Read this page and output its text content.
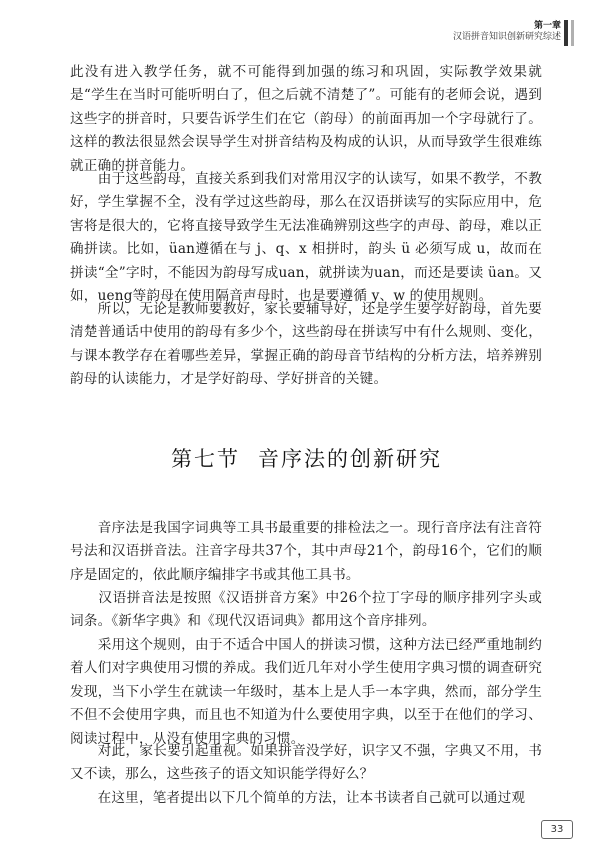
第一章
汉语拼音知识创新研究综述

此没有进入教学任务，就不可能得到加强的练习和巩固，实际教学效果就是“学生在当时可能听明白了，但之后就不清楚了”。可能有的老师会说，遇到这些字的拼音时，只要告诉学生们在它（韵母）的前面再加一个字母就行了。这样的教法很显然会误导学生对拼音结构及构成的认识，从而导致学生很难练就正确的拼音能力。

　　由于这些韵母，直接关系到我们对常用汉字的认读写，如果不教学，不教好，学生掌握不全，没有学过这些韵母，那么在汉语拼读写的实际应用中，危害将是很大的，它将直接导致学生无法准确辨别这些字的声母、韵母，难以正确拼读。比如，üan遵循在与 j、q、x 相拼时，韵头 ü 必须写成 u，故而在拼读“全”字时，不能因为韵母写成uan，就拼读为uan，而还是要读 üan。又如，ueng等韵母在使用隔音声母时，也是要遵循 y、w 的使用规则。

　　所以，无论是教师要教好，家长要辅导好，还是学生要学好韵母，首先要清楚普通话中使用的韵母有多少个，这些韵母在拼读写中有什么规则、变化，与课本教学存在着哪些差异，掌握正确的韵母音节结构的分析方法，培养辨别韵母的认读能力，才是学好韵母、学好拼音的关键。

第七节 音序法的创新研究

　　音序法是我国字词典等工具书最重要的排检法之一。现行音序法有注音符号法和汉语拼音法。注音字母共37个，其中声母21个，韵母16个，它们的顺序是固定的，依此顺序编排字书或其他工具书。

　　汉语拼音法是按照《汉语拼音方案》中26个拉丁字母的顺序排列字头或词条。《新华字典》和《现代汉语词典》都用这个音序排列。

　　采用这个规则，由于不适合中国人的拼读习惯，这种方法已经严重地制约着人们对字典使用习惯的养成。我们近几年对小学生使用字典习惯的调查研究发现，当下小学生在就读一年级时，基本上是人手一本字典，然而，部分学生不但不会使用字典，而且也不知道为什么要使用字典，以至于在他们的学习、阅读过程中，从没有使用字典的习惯。

　　对此，家长要引起重视。如果拼音没学好，识字又不强，字典又不用，书又不读，那么，这些孩子的语文知识能学得好么？

　　在这里，笔者提出以下几个简单的方法，让本书读者自己就可以通过观

33
